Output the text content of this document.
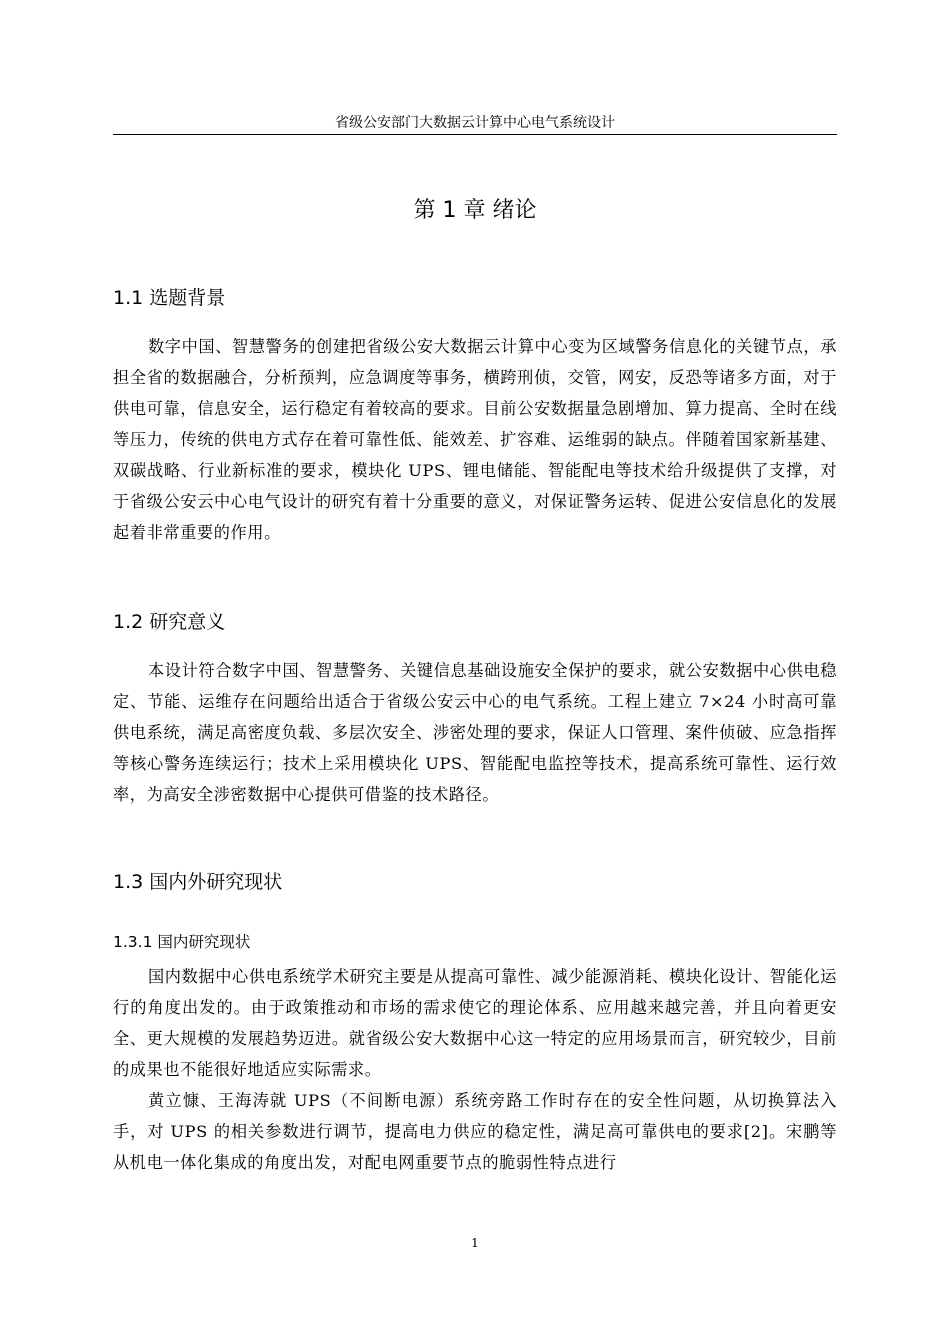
省级公安部门大数据云计算中心电气系统设计
第 1 章 绪论
1.1 选题背景

数字中国、智慧警务的创建把省级公安大数据云计算中心变为区域警务信息化的关键节点，承担全省的数据融合，分析预判，应急调度等事务，横跨刑侦，交管，网安，反恐等诸多方面，对于供电可靠，信息安全，运行稳定有着较高的要求。目前公安数据量急剧增加、算力提高、全时在线等压力，传统的供电方式存在着可靠性低、能效差、扩容难、运维弱的缺点。伴随着国家新基建、双碳战略、行业新标准的要求，模块化 UPS、锂电储能、智能配电等技术给升级提供了支撑，对于省级公安云中心电气设计的研究有着十分重要的意义，对保证警务运转、促进公安信息化的发展起着非常重要的作用。

1.2 研究意义

本设计符合数字中国、智慧警务、关键信息基础设施安全保护的要求，就公安数据中心供电稳定、节能、运维存在问题给出适合于省级公安云中心的电气系统。工程上建立 7×24 小时高可靠供电系统，满足高密度负载、多层次安全、涉密处理的要求，保证人口管理、案件侦破、应急指挥等核心警务连续运行；技术上采用模块化 UPS、智能配电监控等技术，提高系统可靠性、运行效率，为高安全涉密数据中心提供可借鉴的技术路径。

1.3 国内外研究现状
1.3.1 国内研究现状

国内数据中心供电系统学术研究主要是从提高可靠性、减少能源消耗、模块化设计、智能化运行的角度出发的。由于政策推动和市场的需求使它的理论体系、应用越来越完善，并且向着更安全、更大规模的发展趋势迈进。就省级公安大数据中心这一特定的应用场景而言，研究较少，目前的成果也不能很好地适应实际需求。

黄立慷、王海涛就 UPS（不间断电源）系统旁路工作时存在的安全性问题，从切换算法入手，对 UPS 的相关参数进行调节，提高电力供应的稳定性，满足高可靠供电的要求[2]。宋鹏等从机电一体化集成的角度出发，对配电网重要节点的脆弱性特点进行

1
